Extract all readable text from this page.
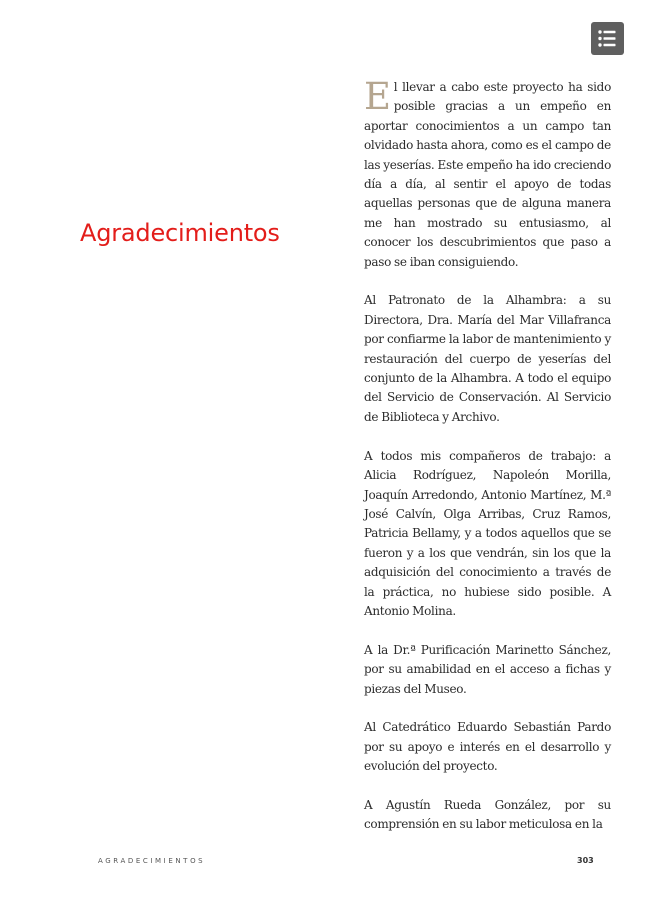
Agradecimientos

El llevar a cabo este proyecto ha sido posible gracias a un empeño en aportar conocimientos a un campo tan olvidado hasta ahora, como es el campo de las yeserías. Este empeño ha ido creciendo día a día, al sentir el apoyo de todas aquellas personas que de alguna manera me han mostrado su entusiasmo, al conocer los descubrimientos que paso a paso se iban consiguiendo.

Al Patronato de la Alhambra: a su Directora, Dra. María del Mar Villafranca por confiarme la labor de mantenimiento y restauración del cuerpo de yeserías del conjunto de la Alhambra. A todo el equipo del Servicio de Conservación. Al Servicio de Biblioteca y Archivo.

A todos mis compañeros de trabajo: a Alicia Rodríguez, Napoleón Morilla, Joaquín Arredondo, Antonio Martínez, M.ª José Calvín, Olga Arribas, Cruz Ramos, Patricia Bellamy, y a todos aquellos que se fueron y a los que vendrán, sin los que la adquisición del conocimiento a través de la práctica, no hubiese sido posible. A Antonio Molina.

A la Dr.ª Purificación Marinetto Sánchez, por su amabilidad en el acceso a fichas y piezas del Museo.

Al Catedrático Eduardo Sebastián Pardo por su apoyo e interés en el desarrollo y evolución del proyecto.

A Agustín Rueda González, por su comprensión en su labor meticulosa en la

AGRADECIMIENTOS	303
